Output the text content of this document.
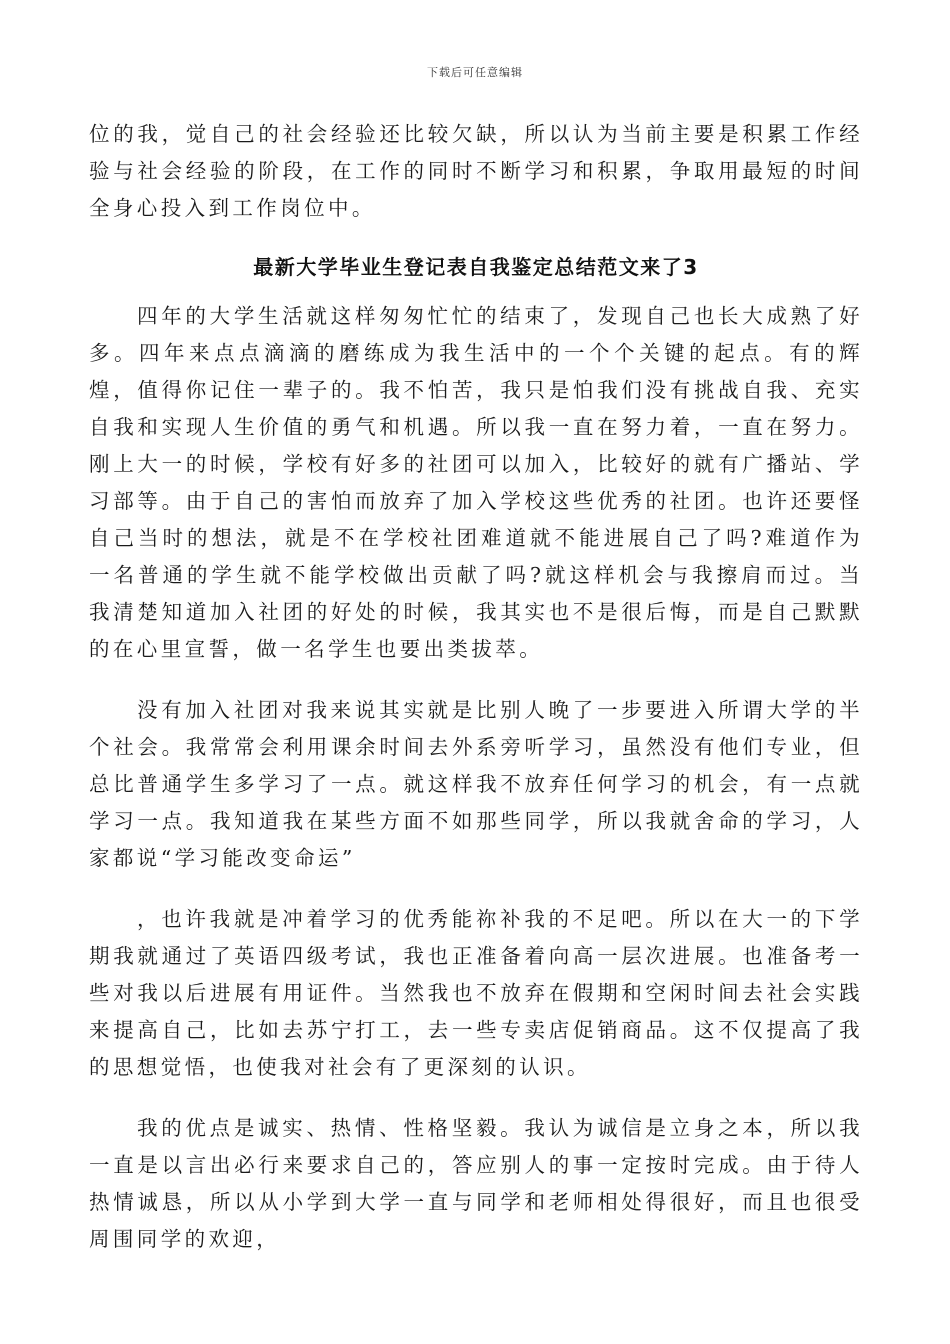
下载后可任意编辑

位的我，觉自己的社会经验还比较欠缺，所以认为当前主要是积累工作经验与社会经验的阶段，在工作的同时不断学习和积累，争取用最短的时间全身心投入到工作岗位中。

最新大学毕业生登记表自我鉴定总结范文来了3

四年的大学生活就这样匆匆忙忙的结束了，发现自己也长大成熟了好多。四年来点点滴滴的磨练成为我生活中的一个个关键的起点。有的辉煌，值得你记住一辈子的。我不怕苦，我只是怕我们没有挑战自我、充实自我和实现人生价值的勇气和机遇。所以我一直在努力着，一直在努力。刚上大一的时候，学校有好多的社团可以加入，比较好的就有广播站、学习部等。由于自己的害怕而放弃了加入学校这些优秀的社团。也许还要怪自己当时的想法，就是不在学校社团难道就不能进展自己了吗?难道作为一名普通的学生就不能学校做出贡献了吗?就这样机会与我擦肩而过。当我清楚知道加入社团的好处的时候，我其实也不是很后悔，而是自己默默的在心里宣誓，做一名学生也要出类拔萃。

没有加入社团对我来说其实就是比别人晚了一步要进入所谓大学的半个社会。我常常会利用课余时间去外系旁听学习，虽然没有他们专业，但总比普通学生多学习了一点。就这样我不放弃任何学习的机会，有一点就学习一点。我知道我在某些方面不如那些同学，所以我就舍命的学习，人家都说“学习能改变命运”

，也许我就是冲着学习的优秀能祢补我的不足吧。所以在大一的下学期我就通过了英语四级考试，我也正准备着向高一层次进展。也准备考一些对我以后进展有用证件。当然我也不放弃在假期和空闲时间去社会实践来提高自己，比如去苏宁打工，去一些专卖店促销商品。这不仅提高了我的思想觉悟，也使我对社会有了更深刻的认识。

我的优点是诚实、热情、性格坚毅。我认为诚信是立身之本，所以我一直是以言出必行来要求自己的，答应别人的事一定按时完成。由于待人热情诚恳，所以从小学到大学一直与同学和老师相处得很好，而且也很受周围同学的欢迎，
